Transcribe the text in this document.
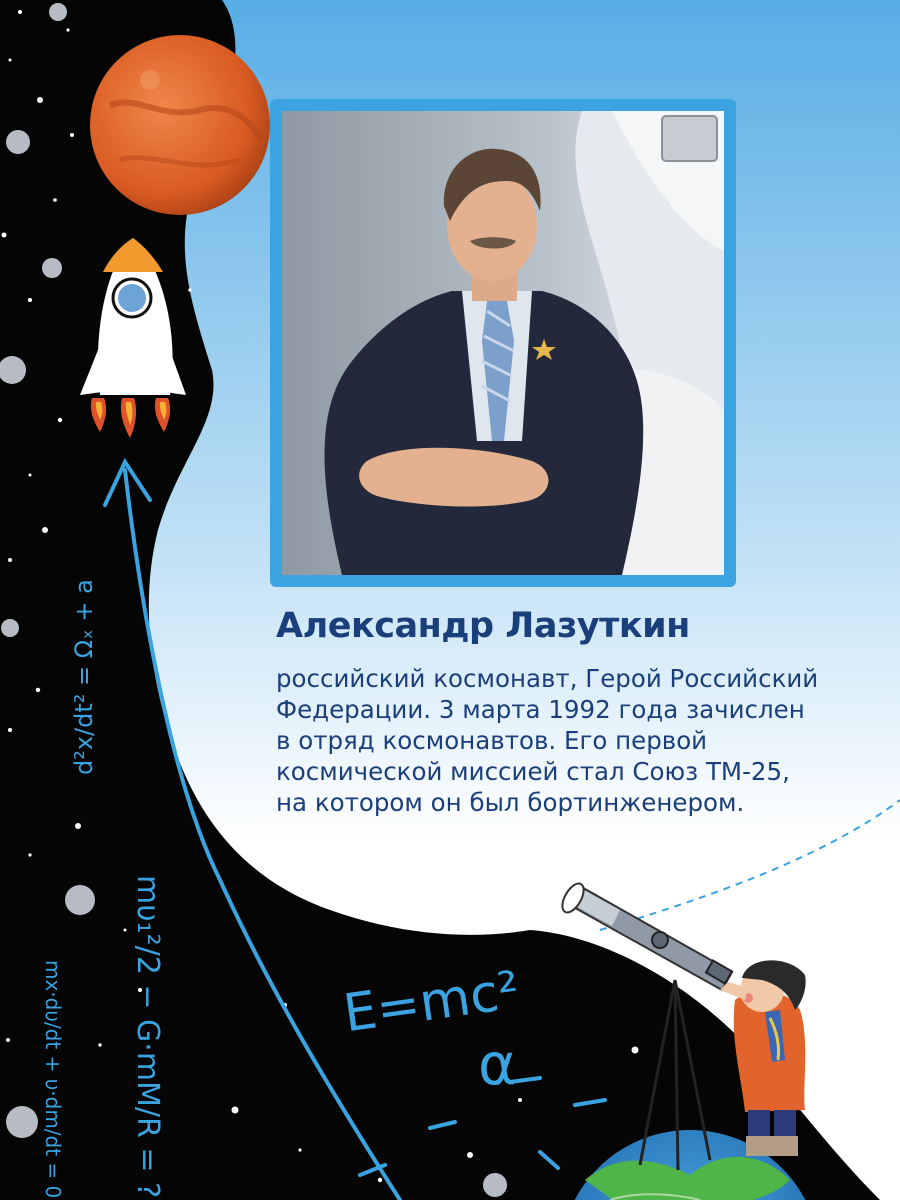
Александр Лазуткин

российский космонавт, Герой Российский
Федерации. 3 марта 1992 года зачислен
в отряд космонавтов. Его первой
космической миссией стал Союз ТМ-25,
на котором он был бортинженером.

d²x/dt² = Ωₓ + a
mυ₁²/2 − G·mM/R = ?
mx·dυ/dt + υ·dm/dt = 0	E=mc²
α
